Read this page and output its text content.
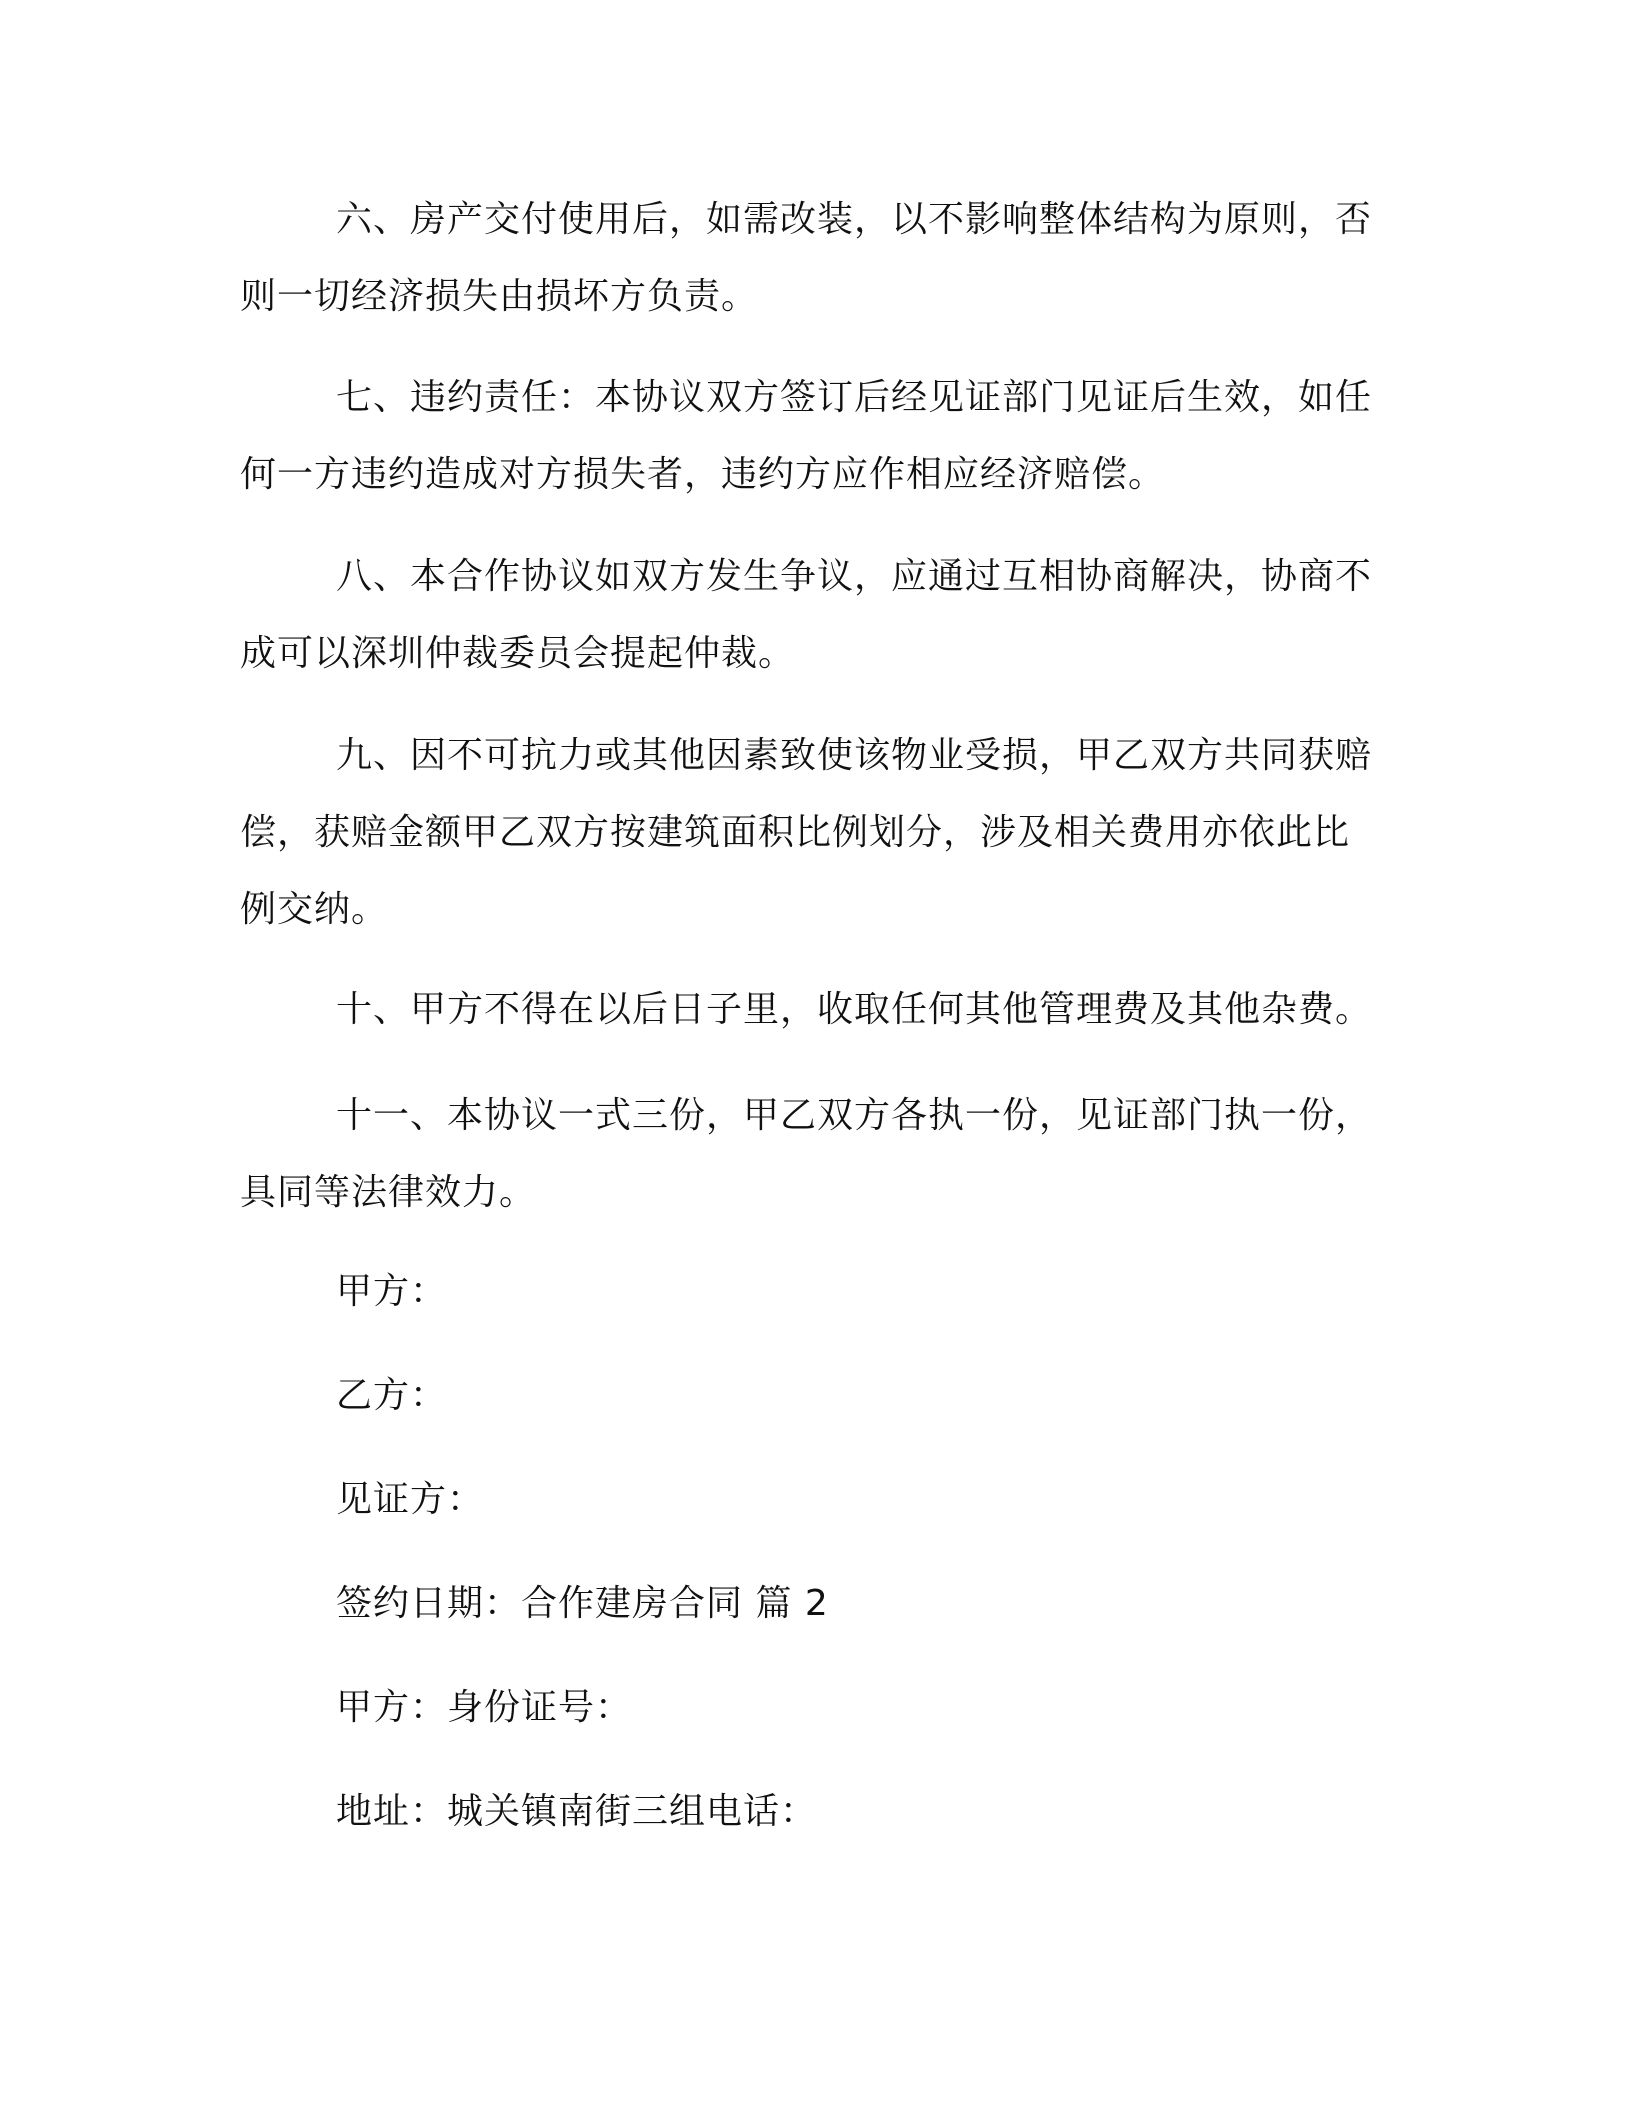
六、房产交付使用后，如需改装，以不影响整体结构为原则，否则一切经济损失由损坏方负责。

七、违约责任：本协议双方签订后经见证部门见证后生效，如任何一方违约造成对方损失者，违约方应作相应经济赔偿。

八、本合作协议如双方发生争议，应通过互相协商解决，协商不成可以深圳仲裁委员会提起仲裁。

九、因不可抗力或其他因素致使该物业受损，甲乙双方共同获赔偿，获赔金额甲乙双方按建筑面积比例划分，涉及相关费用亦依此比例交纳。

十、甲方不得在以后日子里，收取任何其他管理费及其他杂费。

十一、本协议一式三份，甲乙双方各执一份，见证部门执一份，具同等法律效力。

甲方：

乙方：

见证方：

签约日期：合作建房合同 篇 2

甲方：身份证号：

地址：城关镇南街三组电话：
